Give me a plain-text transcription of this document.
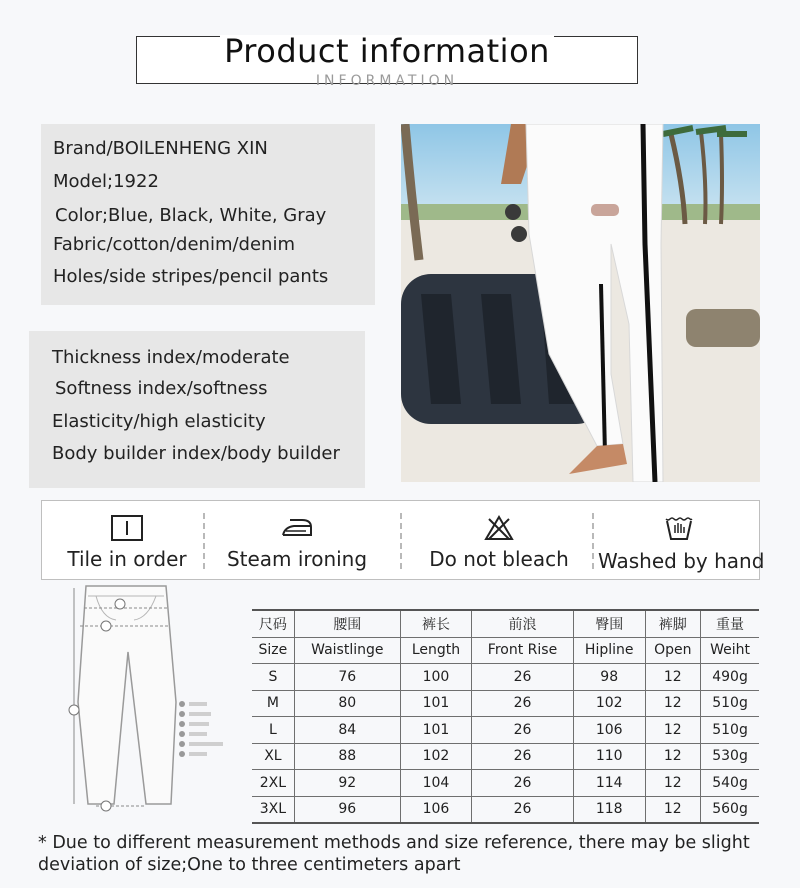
Product information
INFORMATION
Brand/BOlLENHENG XIN
Model;1922
Color;Blue, Black, White, Gray
Fabric/cotton/denim/denim
Holes/side stripes/pencil pants
Thickness index/moderate
Softness index/softness
Elasticity/high elasticity
Body builder index/body builder
Tile in order	Steam ironing	Do not bleach	Washed by hand
尺码	腰围	裤长	前浪	臀围	裤脚	重量
Size	Waistlinge	Length	Front Rise	Hipline	Open	Weiht
S	76	100	26	98	12	490g
M	80	101	26	102	12	510g
L	84	101	26	106	12	510g
XL	88	102	26	110	12	530g
2XL	92	104	26	114	12	540g
3XL	96	106	26	118	12	560g
* Due to different measurement methods and size reference, there may be slight deviation of size;One to three centimeters apart
